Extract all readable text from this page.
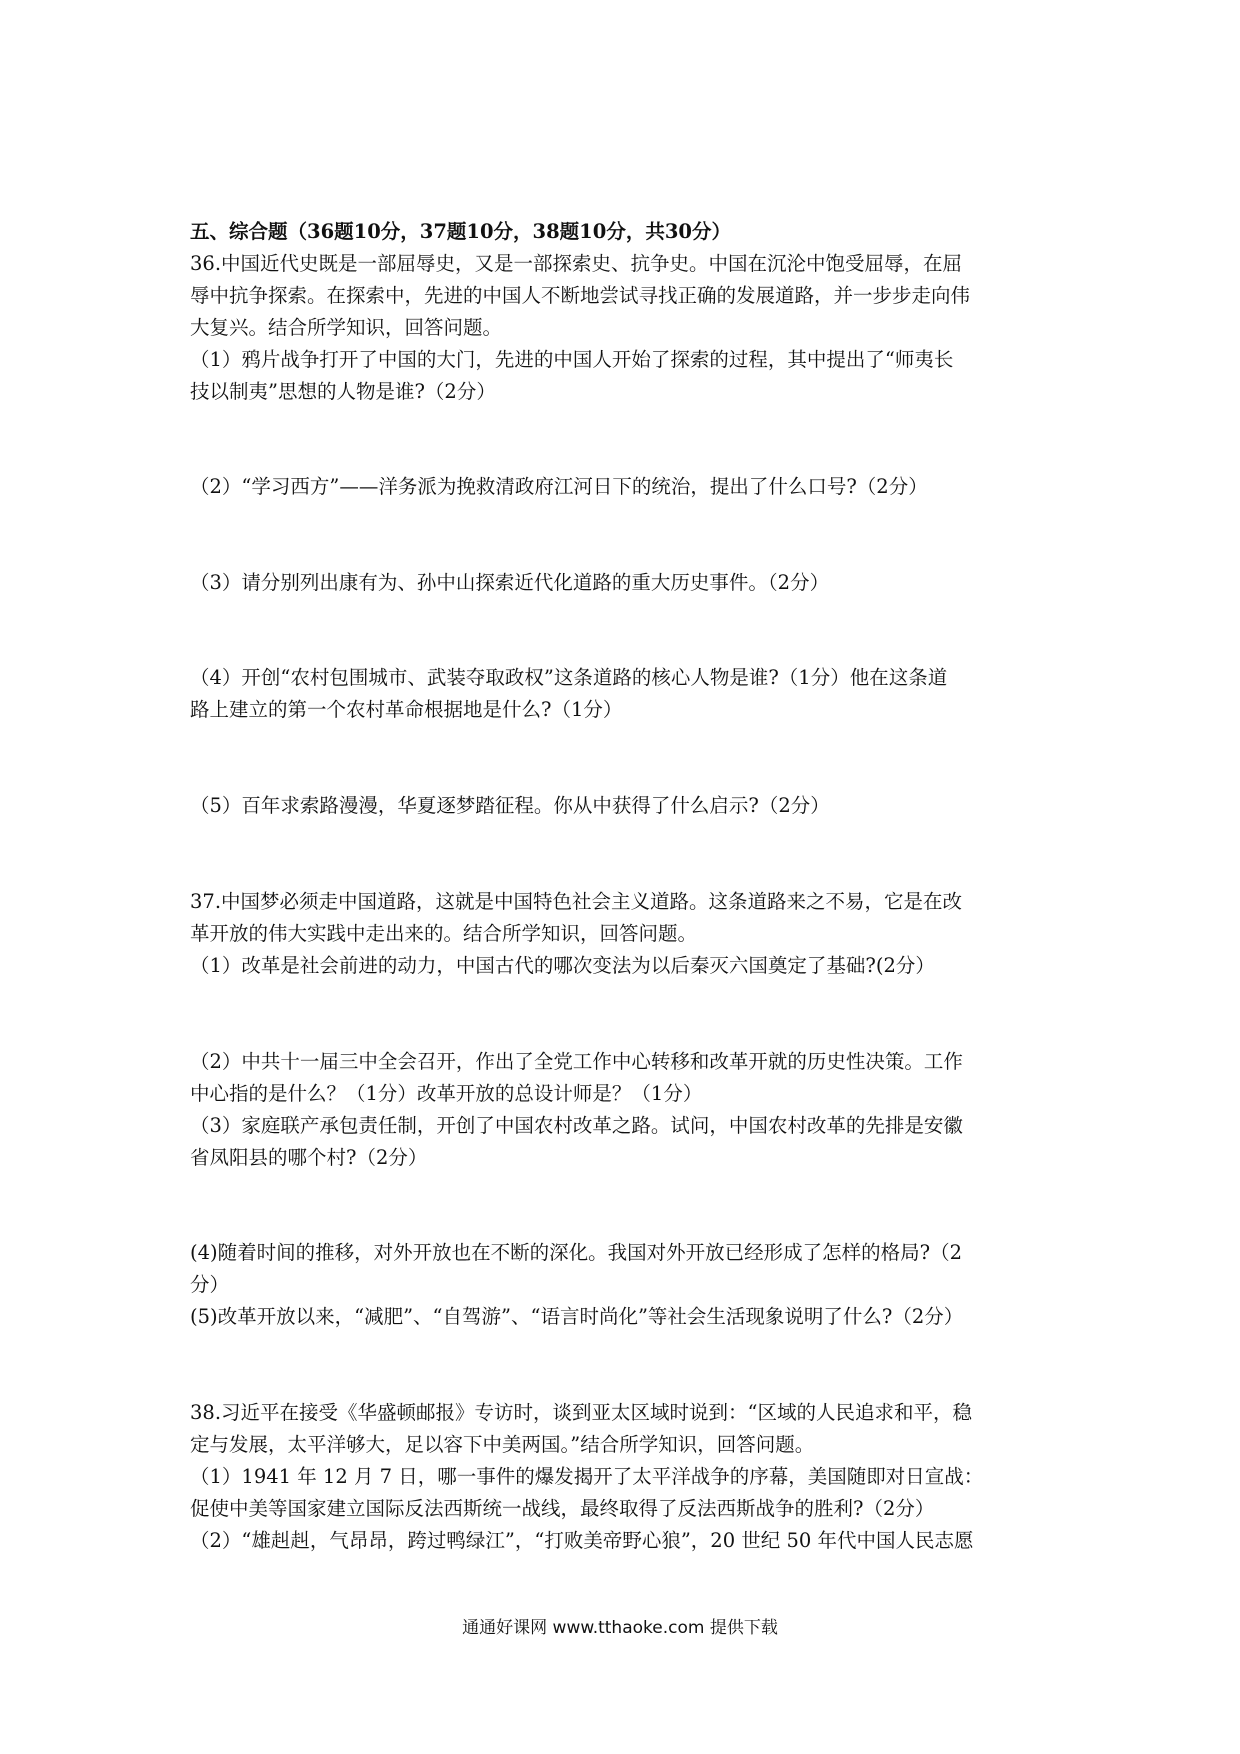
五、综合题（36题10分，37题10分，38题10分，共30分）
36.中国近代史既是一部屈辱史，又是一部探索史、抗争史。中国在沉沦中饱受屈辱，在屈
辱中抗争探索。在探索中，先进的中国人不断地尝试寻找正确的发展道路，并一步步走向伟
大复兴。结合所学知识，回答问题。
（1）鸦片战争打开了中国的大门，先进的中国人开始了探索的过程，其中提出了“师夷长
技以制夷”思想的人物是谁?（2分）
（2）“学习西方”——洋务派为挽救清政府江河日下的统治，提出了什么口号?（2分）
（3）请分别列出康有为、孙中山探索近代化道路的重大历史事件。（2分）
（4）开创“农村包围城市、武装夺取政权”这条道路的核心人物是谁?（1分）他在这条道
路上建立的第一个农村革命根据地是什么?（1分）
（5）百年求索路漫漫，华夏逐梦踏征程。你从中获得了什么启示?（2分）
37.中国梦必须走中国道路，这就是中国特色社会主义道路。这条道路来之不易，它是在改
革开放的伟大实践中走出来的。结合所学知识，回答问题。
（1）改革是社会前进的动力，中国古代的哪次变法为以后秦灭六国奠定了基础?(2分）
（2）中共十一届三中全会召开，作出了全党工作中心转移和改革开就的历史性决策。工作
中心指的是什么？（1分）改革开放的总设计师是？（1分）
（3）家庭联产承包责任制，开创了中国农村改革之路。试问，中国农村改革的先排是安徽
省凤阳县的哪个村?（2分）
(4)随着时间的推移，对外开放也在不断的深化。我国对外开放已经形成了怎样的格局?（2
分）
(5)改革开放以来，“减肥”、“自驾游”、“语言时尚化”等社会生活现象说明了什么?（2分）
38.习近平在接受《华盛顿邮报》专访时，谈到亚太区域时说到：“区域的人民追求和平，稳
定与发展，太平洋够大，足以容下中美两国。”结合所学知识，回答问题。
（1）1941 年 12 月 7 日，哪一事件的爆发揭开了太平洋战争的序幕，美国随即对日宣战：
促使中美等国家建立国际反法西斯统一战线，最终取得了反法西斯战争的胜利?（2分）
（2）“雄赳赳，气昂昂，跨过鸭绿江”，“打败美帝野心狼”，20 世纪 50 年代中国人民志愿
通通好课网 www.tthaoke.com 提供下载
